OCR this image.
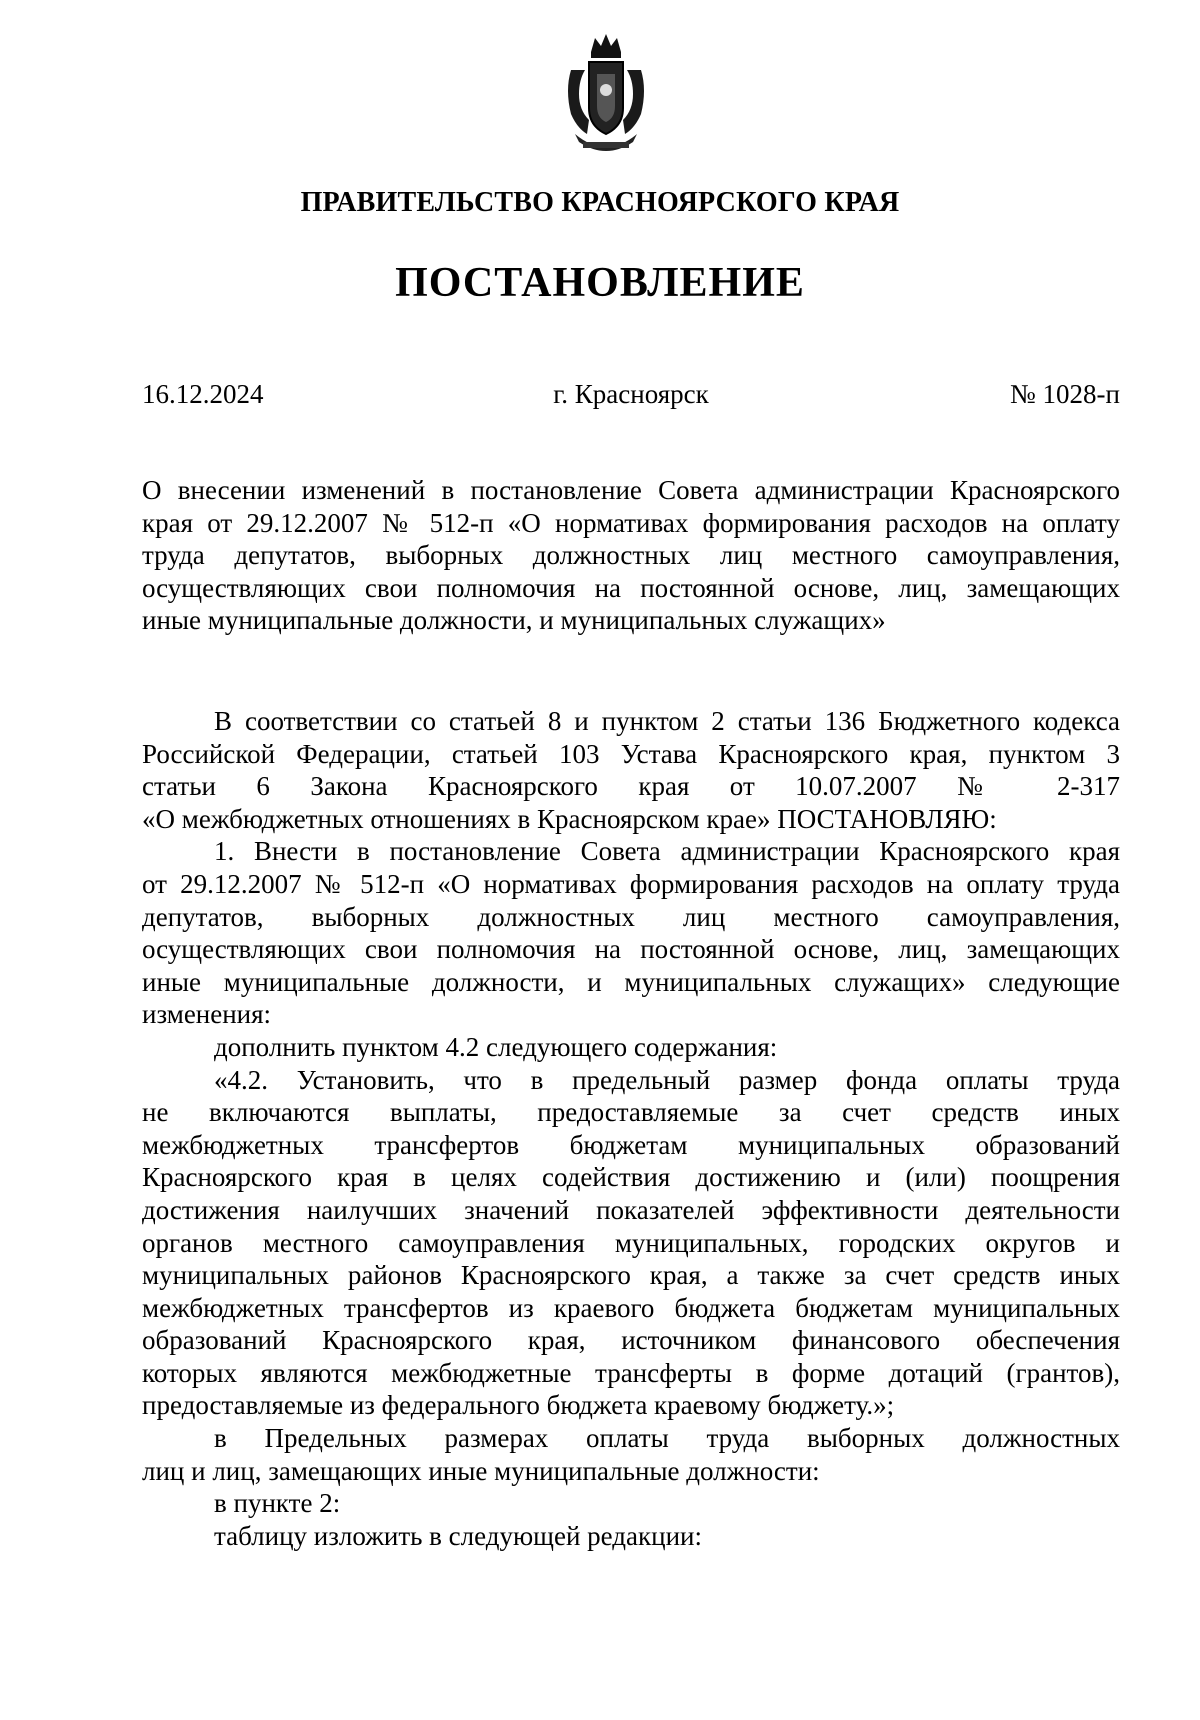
ПРАВИТЕЛЬСТВО КРАСНОЯРСКОГО КРАЯ
ПОСТАНОВЛЕНИЕ
16.12.2024	г. Красноярск	№ 1028-п
О внесении изменений в постановление Совета администрации Красноярского
края от 29.12.2007 № 512-п «О нормативах формирования расходов на оплату
труда депутатов, выборных должностных лиц местного самоуправления,
осуществляющих свои полномочия на постоянной основе, лиц, замещающих
иные муниципальные должности, и муниципальных служащих»
В соответствии со статьей 8 и пунктом 2 статьи 136 Бюджетного кодекса
Российской Федерации, статьей 103 Устава Красноярского края, пунктом 3
статьи 6 Закона Красноярского края от 10.07.2007 № 2-317
«О межбюджетных отношениях в Красноярском крае» ПОСТАНОВЛЯЮ:
1. Внести в постановление Совета администрации Красноярского края
от 29.12.2007 № 512-п «О нормативах формирования расходов на оплату труда
депутатов, выборных должностных лиц местного самоуправления,
осуществляющих свои полномочия на постоянной основе, лиц, замещающих
иные муниципальные должности, и муниципальных служащих» следующие
изменения:
дополнить пунктом 4.2 следующего содержания:
«4.2. Установить, что в предельный размер фонда оплаты труда
не включаются выплаты, предоставляемые за счет средств иных
межбюджетных трансфертов бюджетам муниципальных образований
Красноярского края в целях содействия достижению и (или) поощрения
достижения наилучших значений показателей эффективности деятельности
органов местного самоуправления муниципальных, городских округов и
муниципальных районов Красноярского края, а также за счет средств иных
межбюджетных трансфертов из краевого бюджета бюджетам муниципальных
образований Красноярского края, источником финансового обеспечения
которых являются межбюджетные трансферты в форме дотаций (грантов),
предоставляемые из федерального бюджета краевому бюджету.»;
в Предельных размерах оплаты труда выборных должностных
лиц и лиц, замещающих иные муниципальные должности:
в пункте 2:
таблицу изложить в следующей редакции:
